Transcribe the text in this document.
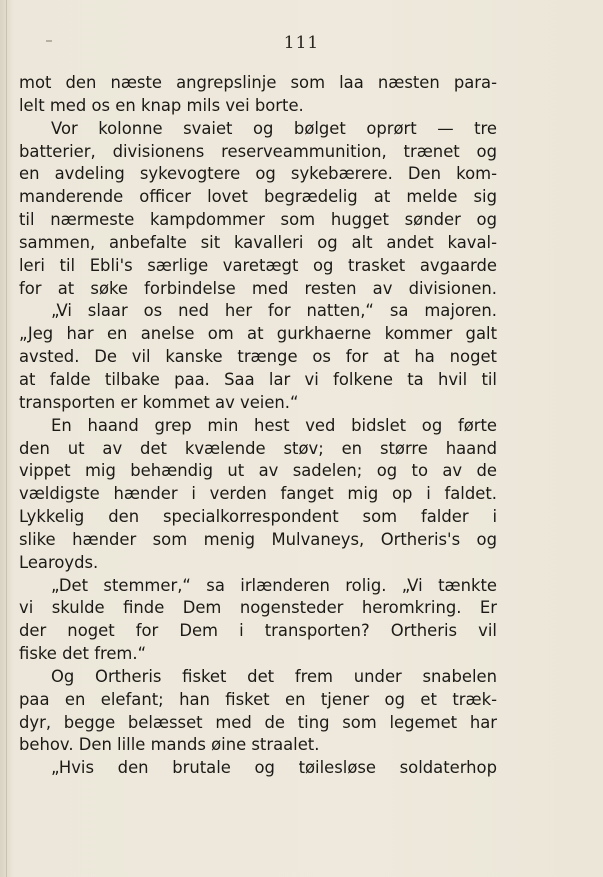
111
mot den næste angrepslinje som laa næsten para-
lelt med os en knap mils vei borte.
Vor kolonne svaiet og bølget oprørt — tre
batterier, divisionens reserveammunition, trænet og
en avdeling sykevogtere og sykebærere. Den kom-
manderende officer lovet begrædelig at melde sig
til nærmeste kampdommer som hugget sønder og
sammen, anbefalte sit kavalleri og alt andet kaval-
leri til Ebli's særlige varetægt og trasket avgaarde
for at søke forbindelse med resten av divisionen.
„Vi slaar os ned her for natten,“ sa majoren.
„Jeg har en anelse om at gurkhaerne kommer galt
avsted. De vil kanske trænge os for at ha noget
at falde tilbake paa. Saa lar vi folkene ta hvil til
transporten er kommet av veien.“
En haand grep min hest ved bidslet og førte
den ut av det kvælende støv; en større haand
vippet mig behændig ut av sadelen; og to av de
vældigste hænder i verden fanget mig op i faldet.
Lykkelig den specialkorrespondent som falder i
slike hænder som menig Mulvaneys, Ortheris's og
Learoyds.
„Det stemmer,“ sa irlænderen rolig. „Vi tænkte
vi skulde finde Dem nogensteder heromkring. Er
der noget for Dem i transporten? Ortheris vil
fiske det frem.“
Og Ortheris fisket det frem under snabelen
paa en elefant; han fisket en tjener og et træk-
dyr, begge belæsset med de ting som legemet har
behov. Den lille mands øine straalet.
„Hvis den brutale og tøilesløse soldaterhop
